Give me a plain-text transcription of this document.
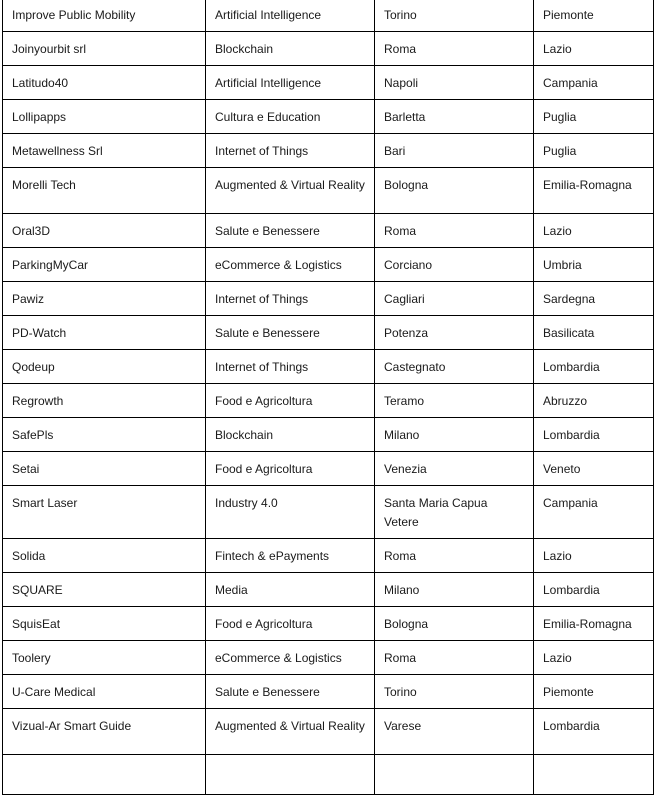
Improve Public Mobility	Artificial Intelligence	Torino	Piemonte
Joinyourbit srl	Blockchain	Roma	Lazio
Latitudo40	Artificial Intelligence	Napoli	Campania
Lollipapps	Cultura e Education	Barletta	Puglia
Metawellness Srl	Internet of Things	Bari	Puglia
Morelli Tech	Augmented & Virtual Reality	Bologna	Emilia-Romagna
Oral3D	Salute e Benessere	Roma	Lazio
ParkingMyCar	eCommerce & Logistics	Corciano	Umbria
Pawiz	Internet of Things	Cagliari	Sardegna
PD-Watch	Salute e Benessere	Potenza	Basilicata
Qodeup	Internet of Things	Castegnato	Lombardia
Regrowth	Food e Agricoltura	Teramo	Abruzzo
SafePls	Blockchain	Milano	Lombardia
Setai	Food e Agricoltura	Venezia	Veneto
Smart Laser	Industry 4.0	Santa Maria Capua Vetere	Campania
Solida	Fintech & ePayments	Roma	Lazio
SQUARE	Media	Milano	Lombardia
SquisEat	Food e Agricoltura	Bologna	Emilia-Romagna
Toolery	eCommerce & Logistics	Roma	Lazio
U-Care Medical	Salute e Benessere	Torino	Piemonte
Vizual-Ar Smart Guide	Augmented & Virtual Reality	Varese	Lombardia
